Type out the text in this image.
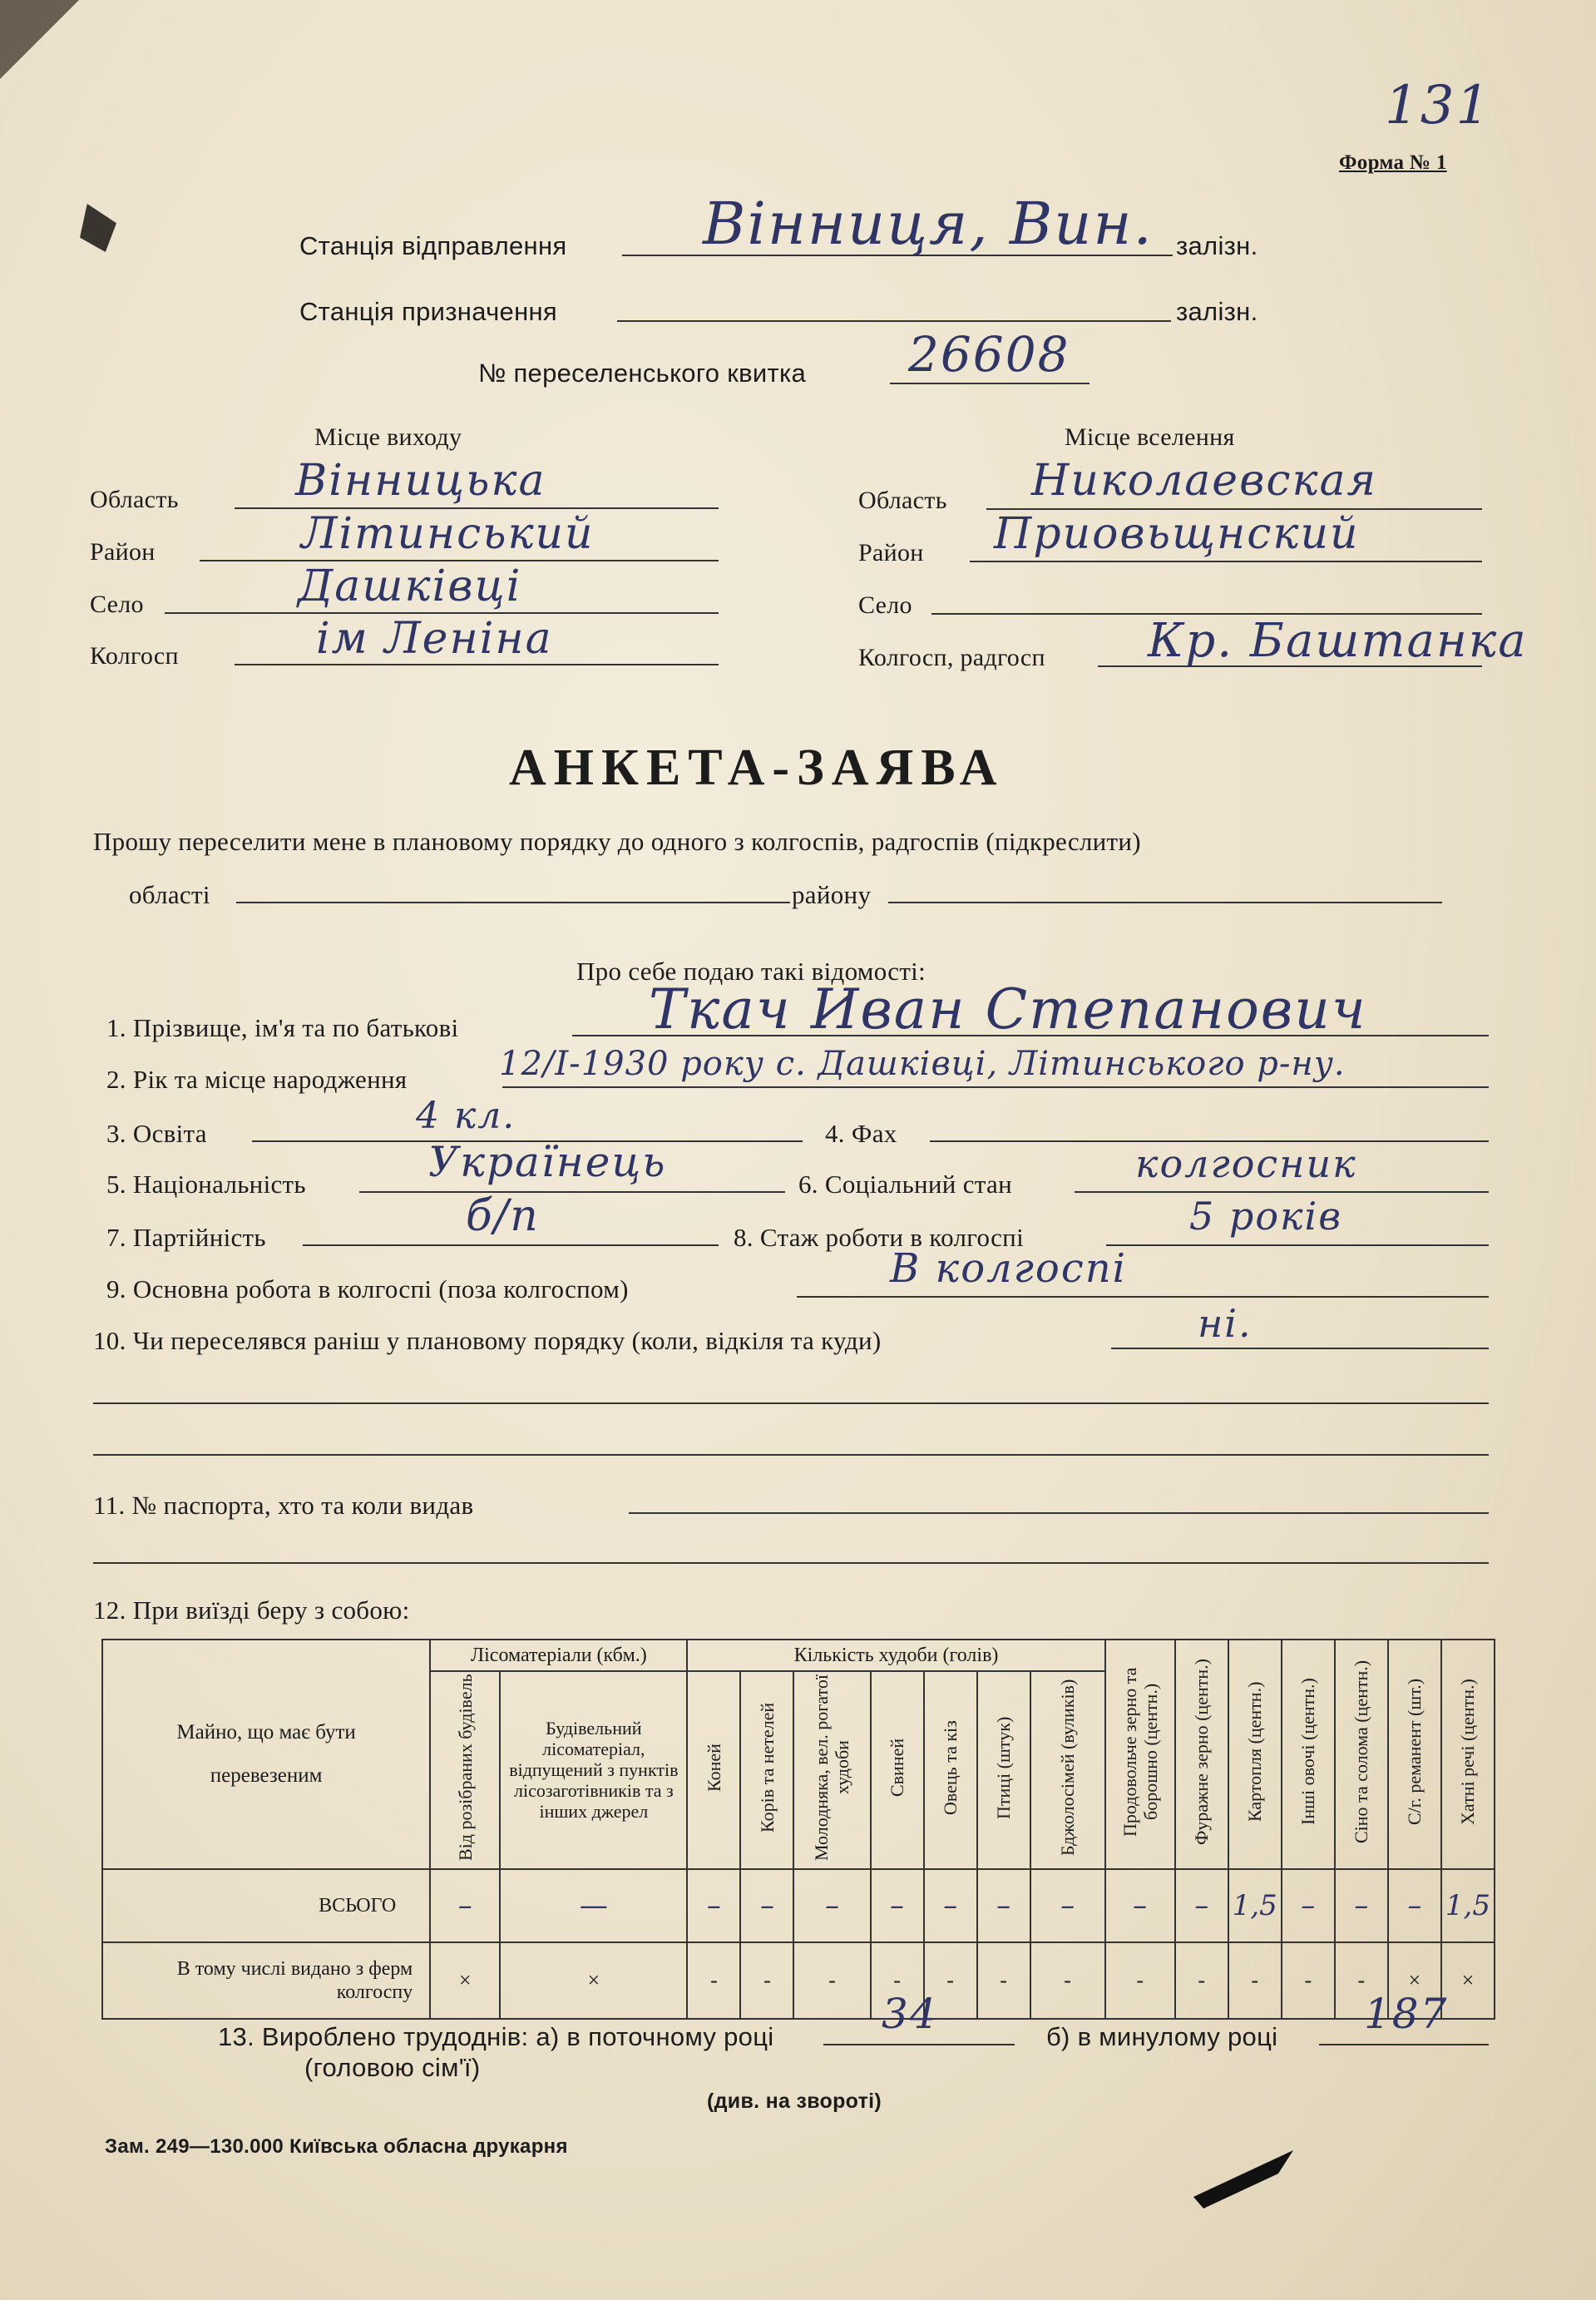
131
Форма № 1
Станція відправлення Вінниця, Вин. залізн.
Станція призначення	залізн.
№ переселенського квитка 26608
Місце виходу
Область	Вінницька
Район	Літинський
Село	Дашківці
Колгосп	ім Леніна
Місце вселення
Область Николаевская
Район Приовьщнский
Село
Колгосп, радгосп Кр. Баштанка
АНКЕТА-ЗАЯВА
Прошу переселити мене в плановому порядку до одного з колгоспів, радгоспів (підкреслити)
області	району
Про себе подаю такі відомості:
1. Прізвище, ім'я та по батькові	Ткач Иван Степанович
2. Рік та місце народження	12/І-1930 року с. Дашківці, Літинського р-ну.
3. Освіта	4 кл.	4. Фах
5. Національність	Українець	6. Соціальний стан	колгосник
7. Партійність	б/п	8. Стаж роботи в колгоспі	5 років
9. Основна робота в колгоспі (поза колгоспом)	В колгоспі
10. Чи переселявся раніш у плановому порядку (коли, відкіля та куди)	ні.
11. № паспорта, хто та коли видав
12. При виїзді беру з собою:
Майно, що має бути перевезеним	Лісоматеріали (кбм.)		Кількість худоби (голів)							Продовольче зерно та борошно (центн.)	Фуражне зерно (центн.)	Картопля (центн.)	Інші овочі (центн.)	Сіно та солома (центн.)	С/г. реманент (шт.)	Хатні речі (центн.)
	Від розібраних будівель	Будівельний лісоматеріал, відпущений з пунктів лісозаготівників та з інших джерел	Коней	Корів та нетелей	Молодняка, вел. рогатої худоби	Свиней	Овець та кіз	Птиці (штук)	Бджолосімей (вуликів)							
ВСЬОГО	–	—	–	–	–	–	–	–	–	–	–	1,5	–	–	–	1,5
В тому числі видано з ферм колгоспу	×	×	-	-	-	-	-	-	-	-	-	-	-	-	×	×
13. Вироблено трудоднів: а) в поточному році	34	б) в минулому році 187
(головою сім'ї)
(див. на звороті)
Зам. 249—130.000 Київська обласна друкарня
